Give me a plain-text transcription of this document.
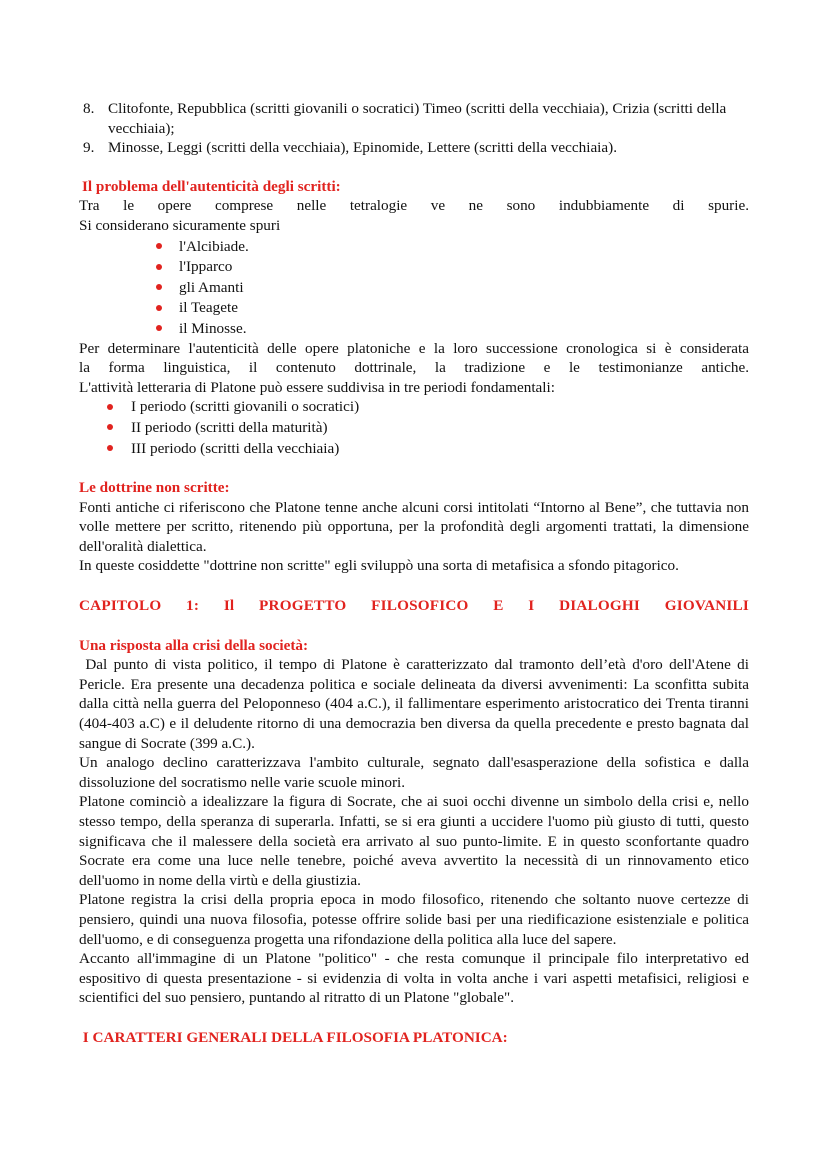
8. Clitofonte, Repubblica (scritti giovanili o socratici) Timeo (scritti della vecchiaia), Crizia (scritti della vecchiaia);
9. Minosse, Leggi (scritti della vecchiaia), Epinomide, Lettere (scritti della vecchiaia).

Il problema dell'autenticità degli scritti:

Tra le opere comprese nelle tetralogie ve ne sono indubbiamente di spurie.

Si considerano sicuramente spuri

l'Alcibiade.
l'Ipparco
gli Amanti
il Teagete
il Minosse.

Per determinare l'autenticità delle opere platoniche e la loro successione cronologica si è considerata

la forma linguistica, il contenuto dottrinale, la tradizione e le testimonianze antiche.

L'attività letteraria di Platone può essere suddivisa in tre periodi fondamentali:

I periodo (scritti giovanili o socratici)
II periodo (scritti della maturità)
III periodo (scritti della vecchiaia)

Le dottrine non scritte:

Fonti antiche ci riferiscono che Platone tenne anche alcuni corsi intitolati “Intorno al Bene”, che tuttavia non volle mettere per scritto, ritenendo più opportuna, per la profondità degli argomenti trattati, la dimensione dell'oralità dialettica.

In queste cosiddette "dottrine non scritte" egli sviluppò una sorta di metafisica a sfondo pitagorico.

CAPITOLO 1: Il PROGETTO FILOSOFICO E I DIALOGHI GIOVANILI

Una risposta alla crisi della società:

Dal punto di vista politico, il tempo di Platone è caratterizzato dal tramonto dell’età d'oro dell'Atene di Pericle. Era presente una decadenza politica e sociale delineata da diversi avvenimenti: La sconfitta subita dalla città nella guerra del Peloponneso (404 a.C.), il fallimentare esperimento aristocratico dei Trenta tiranni (404-403 a.C) e il deludente ritorno di una democrazia ben diversa da quella precedente e presto bagnata dal sangue di Socrate (399 a.C.).

Un analogo declino caratterizzava l'ambito culturale, segnato dall'esasperazione della sofistica e dalla dissoluzione del socratismo nelle varie scuole minori.

Platone cominciò a idealizzare la figura di Socrate, che ai suoi occhi divenne un simbolo della crisi e, nello stesso tempo, della speranza di superarla. Infatti, se si era giunti a uccidere l'uomo più giusto di tutti, questo significava che il malessere della società era arrivato al suo punto-limite. E in questo sconfortante quadro Socrate era come una luce nelle tenebre, poiché aveva avvertito la necessità di un rinnovamento etico dell'uomo in nome della virtù e della giustizia.

Platone registra la crisi della propria epoca in modo filosofico, ritenendo che soltanto nuove certezze di pensiero, quindi una nuova filosofia, potesse offrire solide basi per una riedificazione esistenziale e politica dell'uomo, e di conseguenza progetta una rifondazione della politica alla luce del sapere.

Accanto all'immagine di un Platone "politico" - che resta comunque il principale filo interpretativo ed espositivo di questa presentazione - si evidenzia di volta in volta anche i vari aspetti metafisici, religiosi e scientifici del suo pensiero, puntando al ritratto di un Platone "globale".

I CARATTERI GENERALI DELLA FILOSOFIA PLATONICA:
